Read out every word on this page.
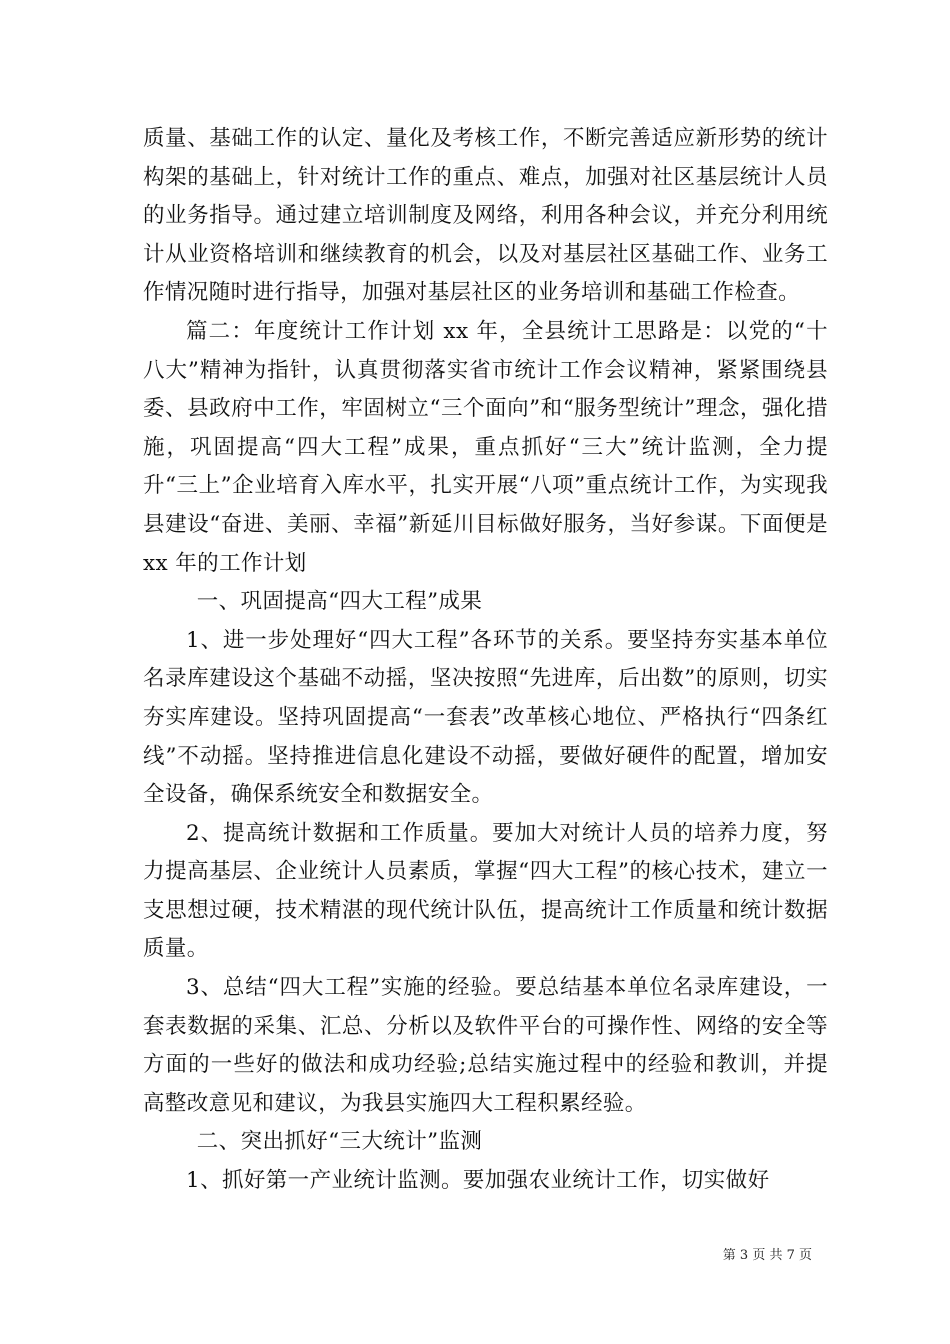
质量、基础工作的认定、量化及考核工作，不断完善适应新形势的统计构架的基础上，针对统计工作的重点、难点，加强对社区基层统计人员的业务指导。通过建立培训制度及网络，利用各种会议，并充分利用统计从业资格培训和继续教育的机会，以及对基层社区基础工作、业务工作情况随时进行指导，加强对基层社区的业务培训和基础工作检查。

篇二：年度统计工作计划 xx 年，全县统计工思路是：以党的“十八大”精神为指针，认真贯彻落实省市统计工作会议精神，紧紧围绕县委、县政府中工作，牢固树立“三个面向”和“服务型统计”理念，强化措施，巩固提高“四大工程”成果，重点抓好“三大”统计监测，全力提升“三上”企业培育入库水平，扎实开展“八项”重点统计工作，为实现我县建设“奋进、美丽、幸福”新延川目标做好服务，当好参谋。下面便是 xx 年的工作计划

一、巩固提高“四大工程”成果

1、进一步处理好“四大工程”各环节的关系。要坚持夯实基本单位名录库建设这个基础不动摇，坚决按照“先进库，后出数”的原则，切实夯实库建设。坚持巩固提高“一套表”改革核心地位、严格执行“四条红线”不动摇。坚持推进信息化建设不动摇，要做好硬件的配置，增加安全设备，确保系统安全和数据安全。

2、提高统计数据和工作质量。要加大对统计人员的培养力度，努力提高基层、企业统计人员素质，掌握“四大工程”的核心技术，建立一支思想过硬，技术精湛的现代统计队伍，提高统计工作质量和统计数据质量。

3、总结“四大工程”实施的经验。要总结基本单位名录库建设，一套表数据的采集、汇总、分析以及软件平台的可操作性、网络的安全等方面的一些好的做法和成功经验;总结实施过程中的经验和教训，并提高整改意见和建议，为我县实施四大工程积累经验。

二、突出抓好“三大统计”监测

1、抓好第一产业统计监测。要加强农业统计工作，切实做好

第 3 页 共 7 页
